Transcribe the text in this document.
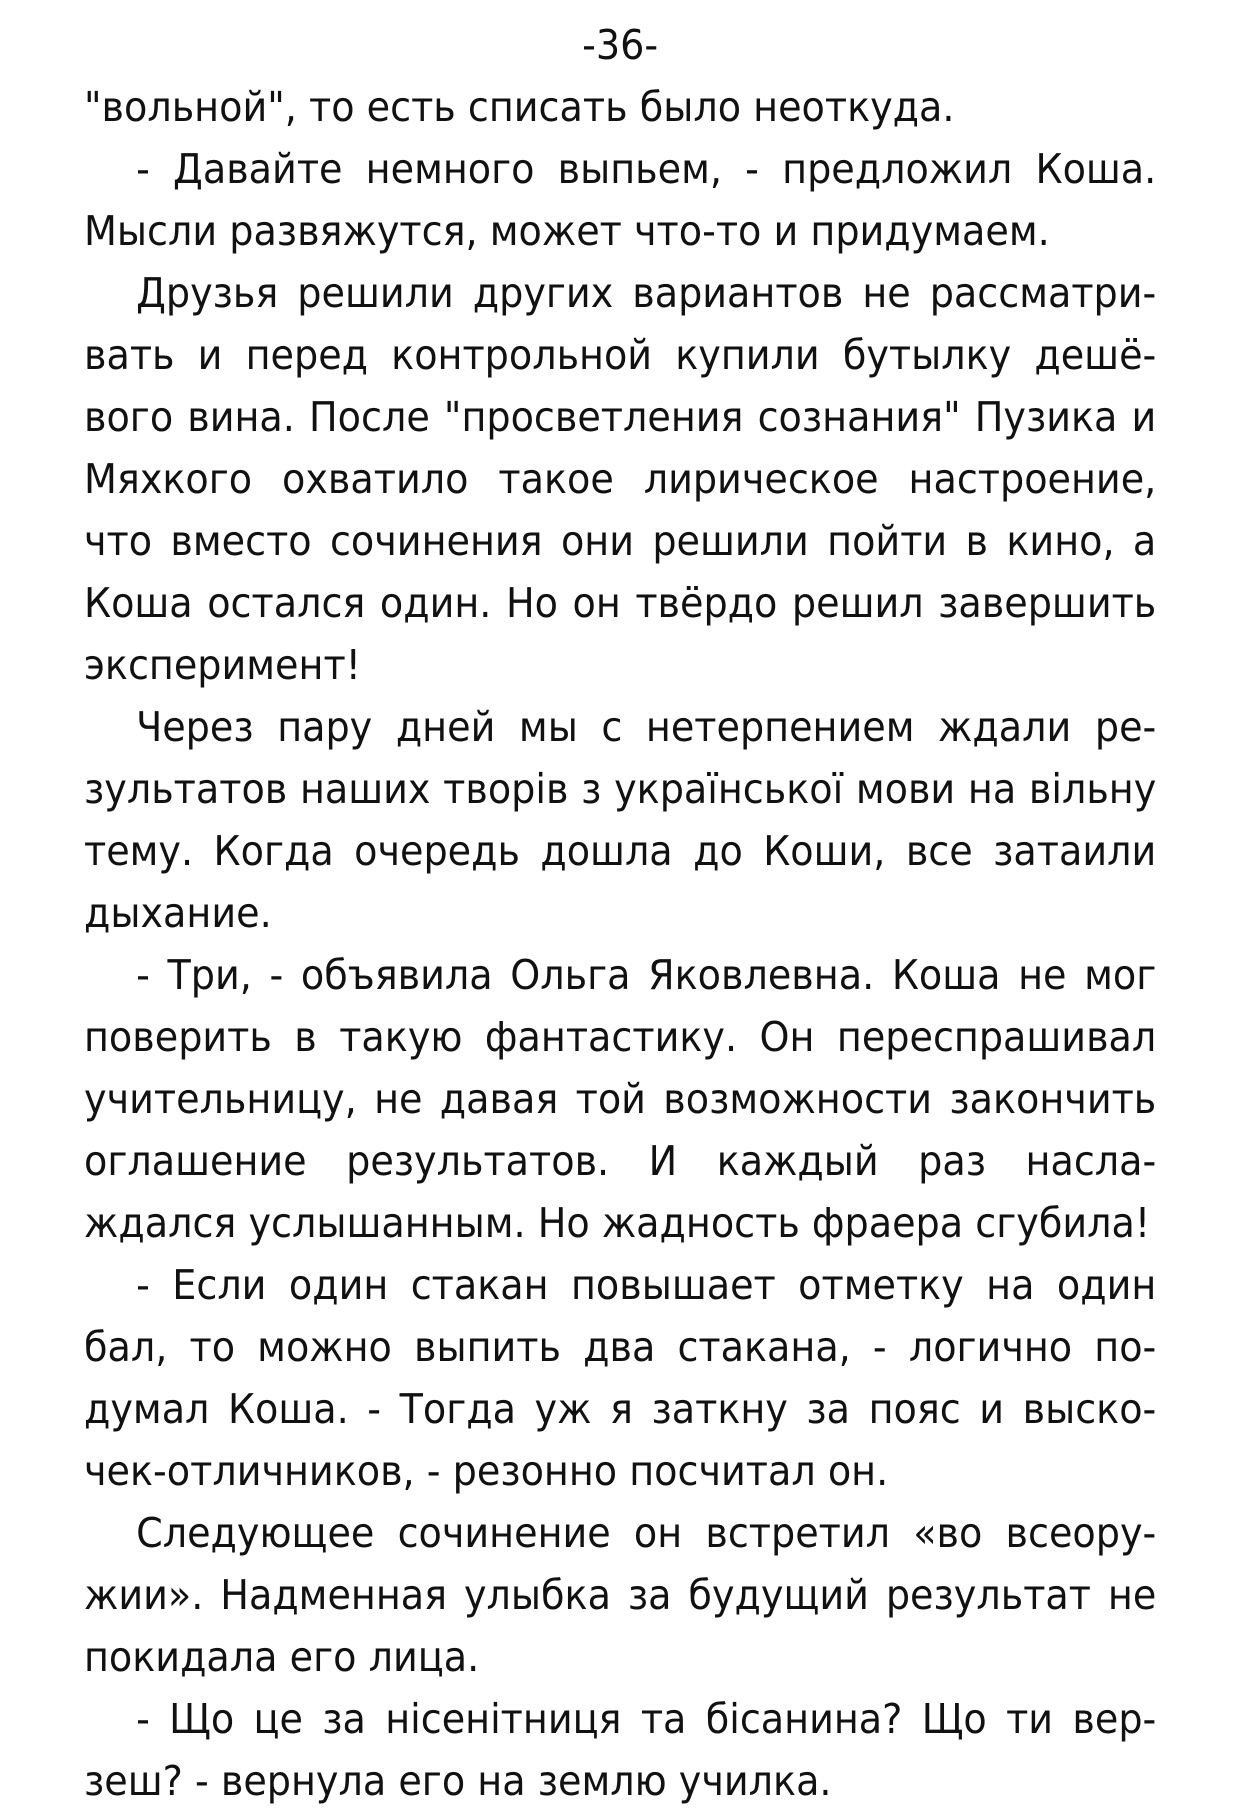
-36-

"вольной", то есть списать было неоткуда.

- Давайте немного выпьем, - предложил Коша. Мысли развяжутся, может что-то и придумаем.

Друзья решили других вариантов не рассматривать и перед контрольной купили бутылку дешёвого вина. После "просветления сознания" Пузика и Мяхкого охватило такое лирическое настроение, что вместо сочинения они решили пойти в кино, а Коша остался один. Но он твёрдо решил завершить эксперимент!

Через пару дней мы с нетерпением ждали результатов наших творів з української мови на вільну тему. Когда очередь дошла до Коши, все затаили дыхание.

- Три, - объявила Ольга Яковлевна. Коша не мог поверить в такую фантастику. Он переспрашивал учительницу, не давая той возможности закончить оглашение результатов. И каждый раз наслаждался услышанным. Но жадность фраера сгубила!

- Если один стакан повышает отметку на один бал, то можно выпить два стакана, - логично подумал Коша. - Тогда уж я заткну за пояс и выскочек-отличников, - резонно посчитал он.

Следующее сочинение он встретил «во всеоружии». Надменная улыбка за будущий результат не покидала его лица.

- Що це за нісенітниця та бісанина? Що ти верзеш? - вернула его на землю училка.
